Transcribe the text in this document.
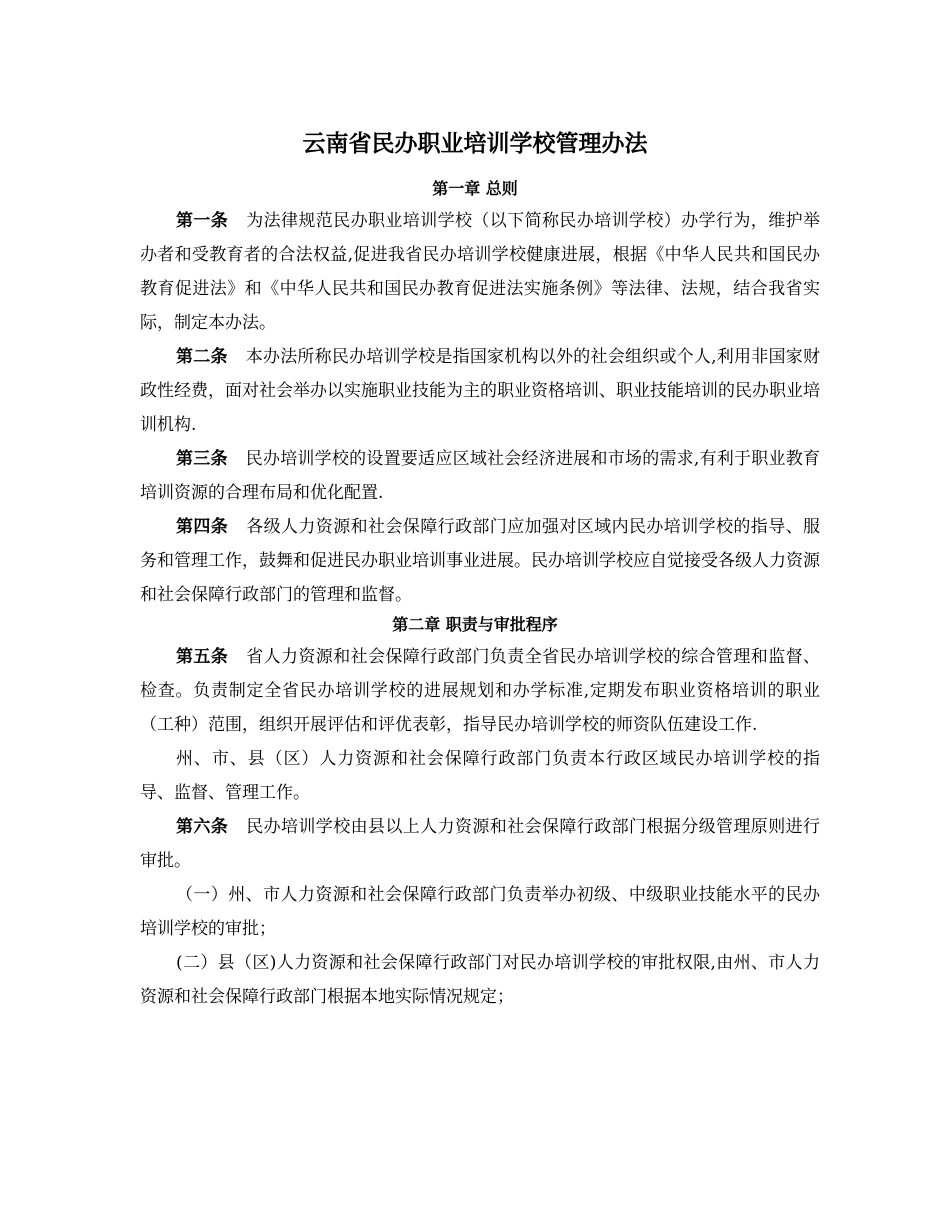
云南省民办职业培训学校管理办法
第一章 总则

第一条 为法律规范民办职业培训学校（以下简称民办培训学校）办学行为，维护举办者和受教育者的合法权益,促进我省民办培训学校健康进展，根据《中华人民共和国民办教育促进法》和《中华人民共和国民办教育促进法实施条例》等法律、法规，结合我省实际，制定本办法。

第二条 本办法所称民办培训学校是指国家机构以外的社会组织或个人,利用非国家财政性经费，面对社会举办以实施职业技能为主的职业资格培训、职业技能培训的民办职业培训机构.

第三条 民办培训学校的设置要适应区域社会经济进展和市场的需求,有利于职业教育培训资源的合理布局和优化配置.

第四条 各级人力资源和社会保障行政部门应加强对区域内民办培训学校的指导、服务和管理工作，鼓舞和促进民办职业培训事业进展。民办培训学校应自觉接受各级人力资源和社会保障行政部门的管理和监督。

第二章 职责与审批程序

第五条 省人力资源和社会保障行政部门负责全省民办培训学校的综合管理和监督、检查。负责制定全省民办培训学校的进展规划和办学标准,定期发布职业资格培训的职业（工种）范围，组织开展评估和评优表彰，指导民办培训学校的师资队伍建设工作.

州、市、县（区）人力资源和社会保障行政部门负责本行政区域民办培训学校的指导、监督、管理工作。

第六条 民办培训学校由县以上人力资源和社会保障行政部门根据分级管理原则进行审批。

（一）州、市人力资源和社会保障行政部门负责举办初级、中级职业技能水平的民办培训学校的审批；

(二）县（区)人力资源和社会保障行政部门对民办培训学校的审批权限,由州、市人力资源和社会保障行政部门根据本地实际情况规定；
